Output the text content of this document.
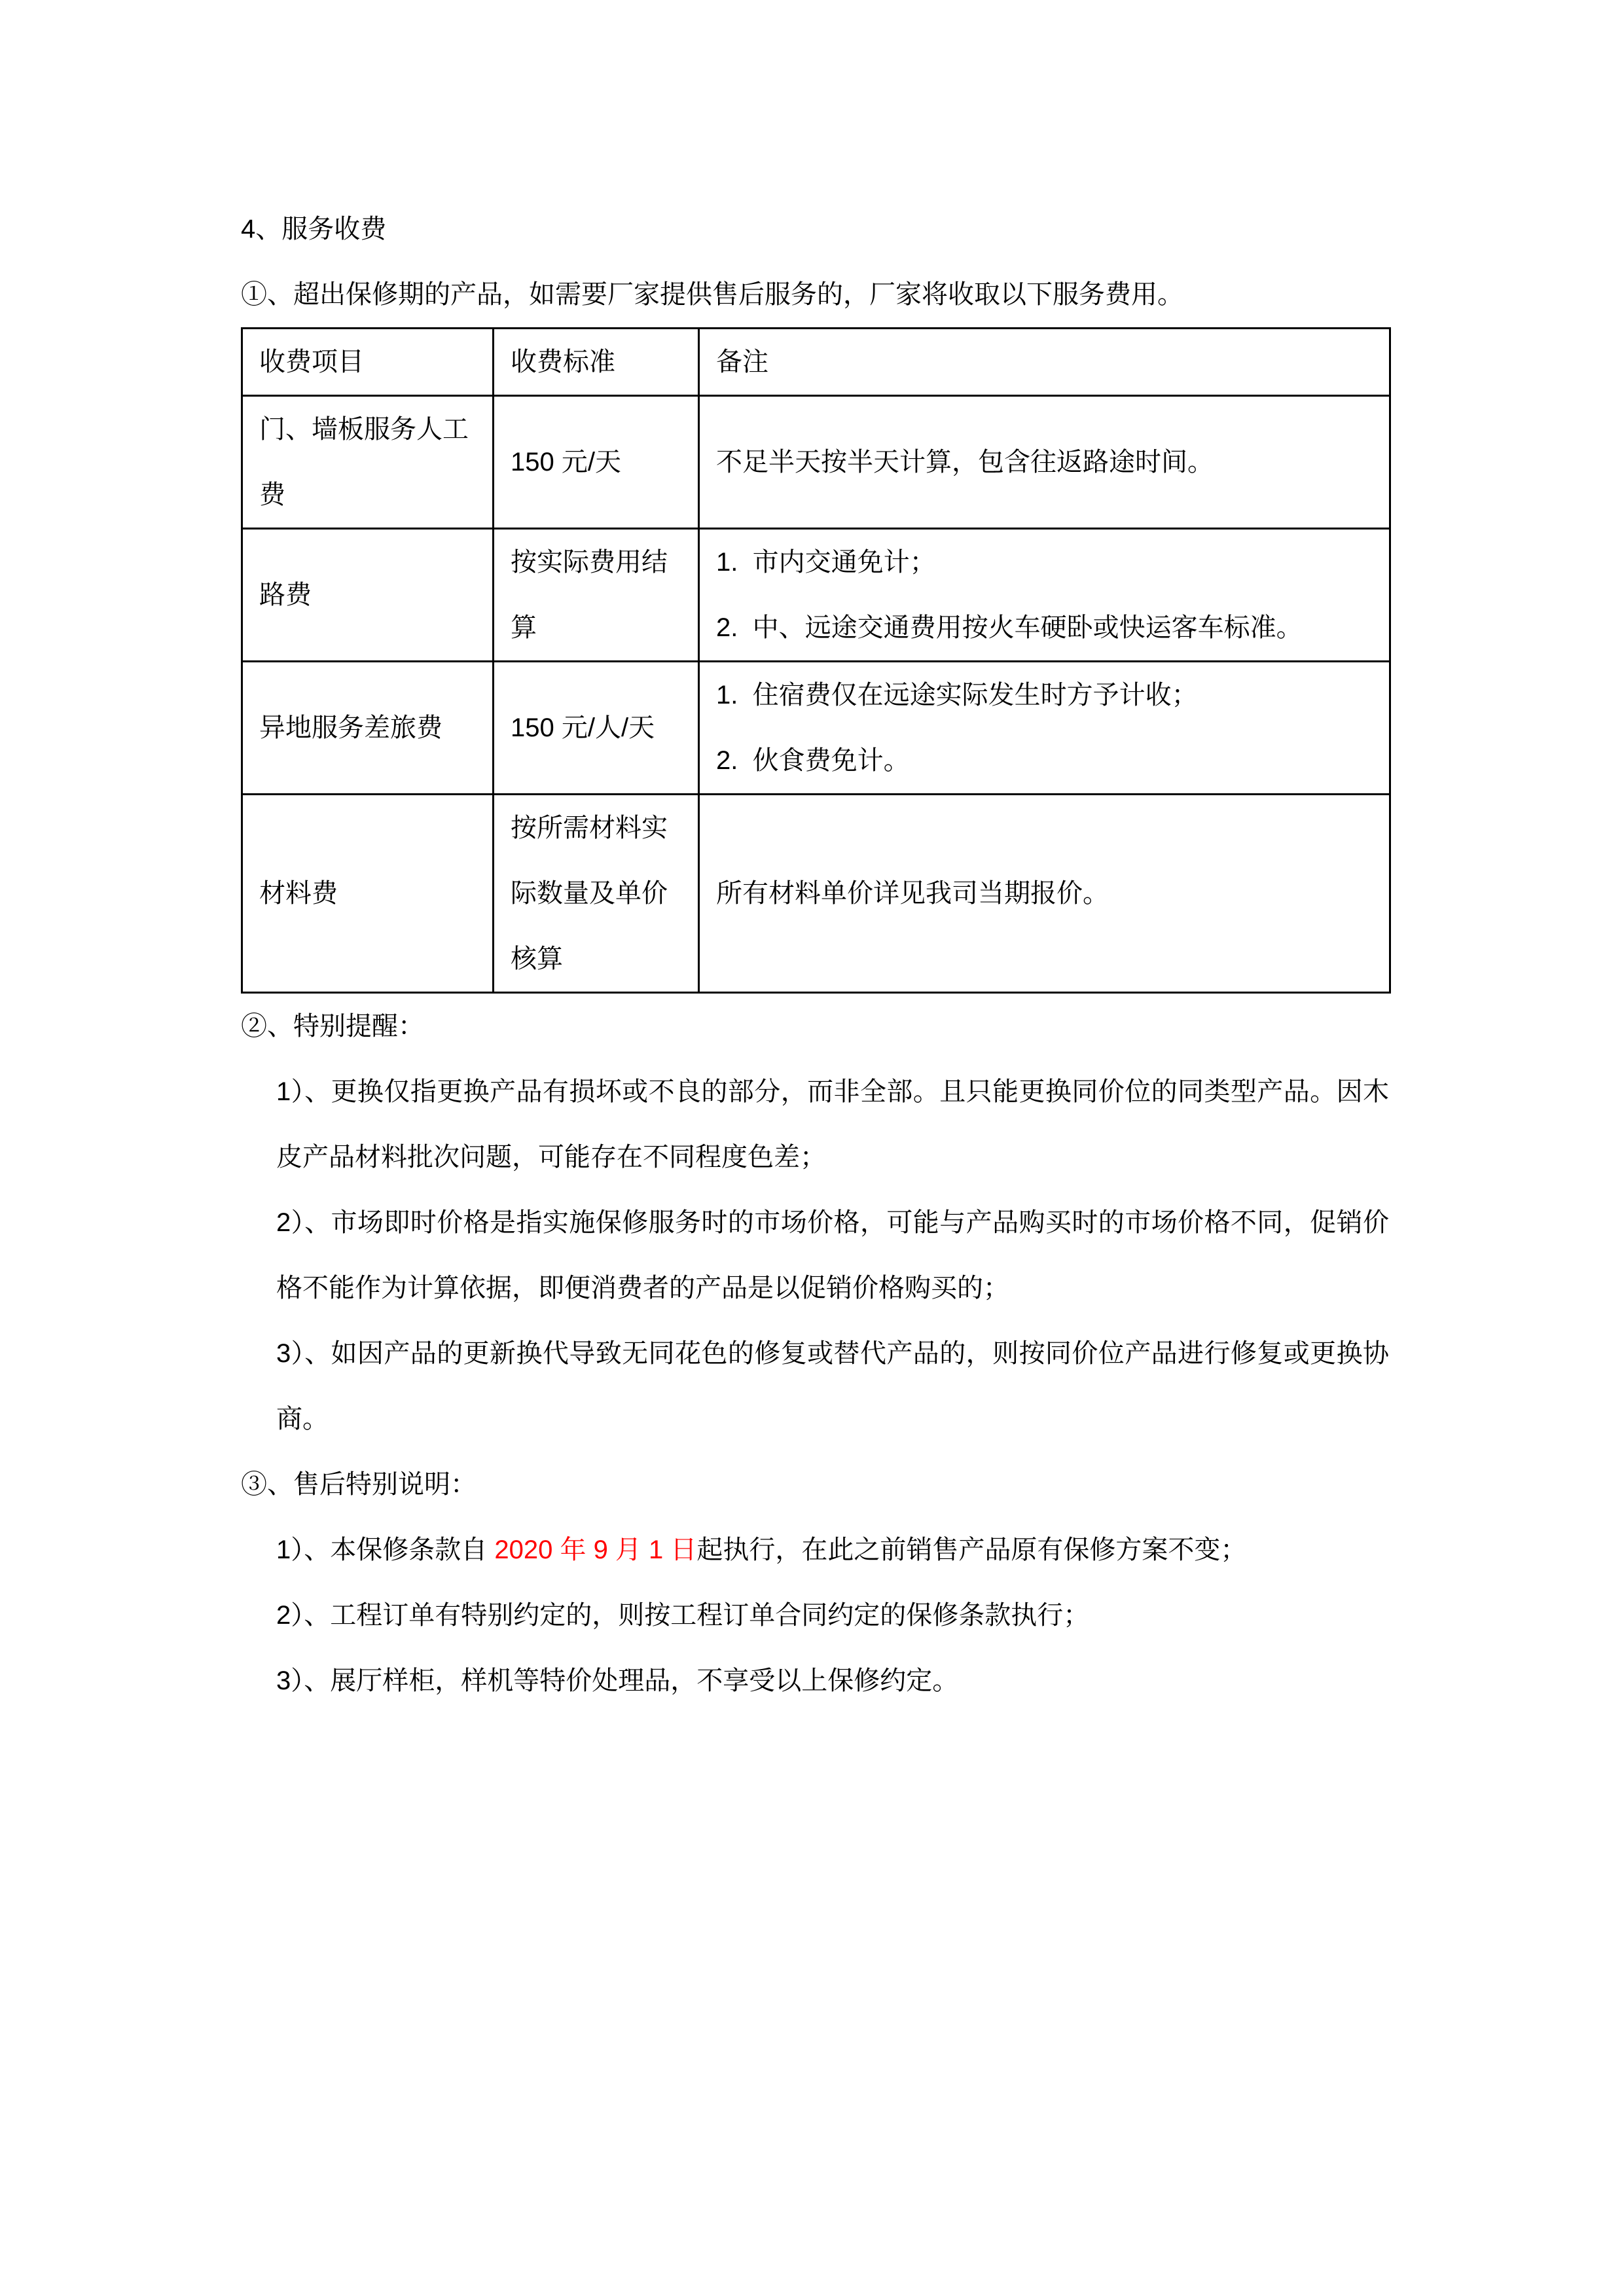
4、服务收费
①、超出保修期的产品，如需要厂家提供售后服务的，厂家将收取以下服务费用。
收费项目	收费标准	备注
门、墙板服务人工费	150 元/天	不足半天按半天计算，包含往返路途时间。

路费	按实际费用结算	1.  市内交通免计；
2.  中、远途交通费用按火车硬卧或快运客车标准。

异地服务差旅费	150 元/人/天	1.  住宿费仅在远途实际发生时方予计收；
2.  伙食费免计。

材料费	按所需材料实际数量及单价核算	所有材料单价详见我司当期报价。
②、特别提醒：

1）、更换仅指更换产品有损坏或不良的部分，而非全部。且只能更换同价位的同类型产品。因木皮产品材料批次问题，可能存在不同程度色差；

2）、市场即时价格是指实施保修服务时的市场价格，可能与产品购买时的市场价格不同，促销价格不能作为计算依据，即便消费者的产品是以促销价格购买的；

3）、如因产品的更新换代导致无同花色的修复或替代产品的，则按同价位产品进行修复或更换协商。

③、售后特别说明：

1）、本保修条款自 2020 年 9 月 1 日起执行，在此之前销售产品原有保修方案不变；

2）、工程订单有特别约定的，则按工程订单合同约定的保修条款执行；

3）、展厅样柜，样机等特价处理品，不享受以上保修约定。
